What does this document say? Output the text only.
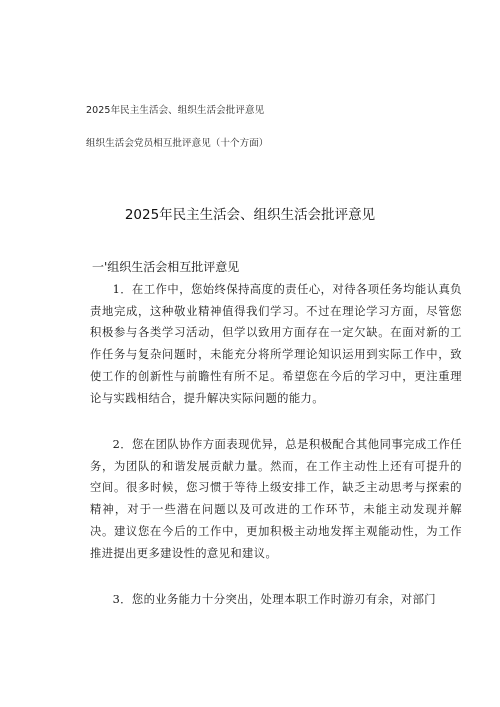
2025年民主生活会、组织生活会批评意见
组织生活会党员相互批评意见（十个方面）
2025年民主生活会、组织生活会批评意见
一'组织生活会相互批评意见

1．在工作中，您始终保持高度的责任心，对待各项任务均能认真负责地完成，这种敬业精神值得我们学习。不过在理论学习方面，尽管您积极参与各类学习活动，但学以致用方面存在一定欠缺。在面对新的工作任务与复杂问题时，未能充分将所学理论知识运用到实际工作中，致使工作的创新性与前瞻性有所不足。希望您在今后的学习中，更注重理论与实践相结合，提升解决实际问题的能力。

2．您在团队协作方面表现优异，总是积极配合其他同事完成工作任务，为团队的和谐发展贡献力量。然而，在工作主动性上还有可提升的空间。很多时候，您习惯于等待上级安排工作，缺乏主动思考与探索的精神，对于一些潜在问题以及可改进的工作环节，未能主动发现并解决。建议您在今后的工作中，更加积极主动地发挥主观能动性，为工作推进提出更多建设性的意见和建议。

3．您的业务能力十分突出，处理本职工作时游刃有余，对部门
